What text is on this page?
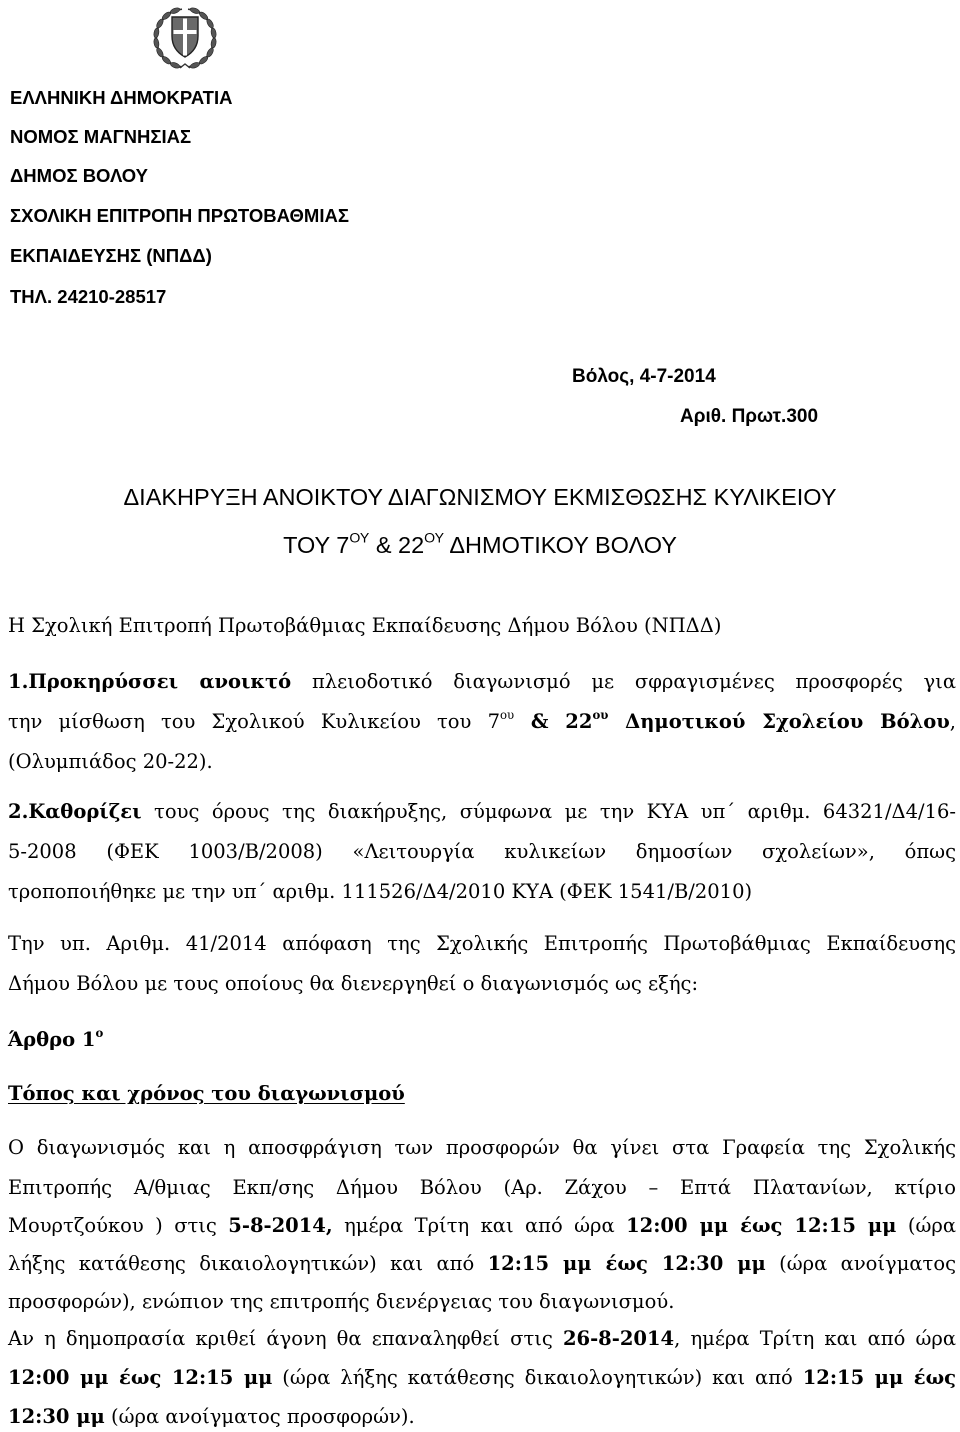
ΕΛΛΗΝΙΚΗ ΔΗΜΟΚΡΑΤΙΑ
ΝΟΜΟΣ ΜΑΓΝΗΣΙΑΣ
ΔΗΜΟΣ ΒΟΛΟΥ
ΣΧΟΛΙΚΗ ΕΠΙΤΡΟΠΗ ΠΡΩΤΟΒΑΘΜΙΑΣ
ΕΚΠΑΙΔΕΥΣΗΣ (ΝΠΔΔ)
ΤΗΛ. 24210-28517
Βόλος, 4-7-2014
Αριθ. Πρωτ.300
ΔΙΑΚΗΡΥΞΗ ΑΝΟΙΚΤΟΥ ΔΙΑΓΩΝΙΣΜΟΥ ΕΚΜΙΣΘΩΣΗΣ ΚΥΛΙΚΕΙΟΥ
ΤΟΥ $7^{O\Upsilon}$ & $22^{O\Upsilon}$ ΔΗΜΟΤΙΚΟΥ ΒΟΛΟΥ
Η Σχολική Επιτροπή Πρωτοβάθμιας Εκπαίδευσης Δήμου Βόλου (ΝΠΔΔ)
1.Προκηρύσσει ανοικτό πλειοδοτικό διαγωνισμό με σφραγισμένες προσφορές για
την μίσθωση του Σχολικού Κυλικείου του $7^{o\upsilon}$ & $22^{o\upsilon}$ Δημοτικού Σχολείου Βόλου,
(Ολυμπιάδος 20-22).
2.Καθορίζει τους όρους της διακήρυξης, σύμφωνα με την ΚΥΑ υπ΄ αριθμ. 64321/Δ4/16-
5-2008 (ΦΕΚ 1003/Β/2008) «Λειτουργία κυλικείων δημοσίων σχολείων», όπως
τροποποιήθηκε με την υπ΄ αριθμ. 111526/Δ4/2010 ΚΥΑ (ΦΕΚ 1541/Β/2010)
Την υπ. Αριθμ. 41/2014 απόφαση της Σχολικής Επιτροπής Πρωτοβάθμιας Εκπαίδευσης
Δήμου Βόλου με τους οποίους θα διενεργηθεί ο διαγωνισμός ως εξής:
Άρθρο $1^o$
Τόπος και χρόνος του διαγωνισμού
Ο διαγωνισμός και η αποσφράγιση των προσφορών θα γίνει στα Γραφεία της Σχολικής
Επιτροπής Α/θμιας Εκπ/σης Δήμου Βόλου (Αρ. Ζάχου – Επτά Πλατανίων, κτίριο
Μουρτζούκου ) στις 5-8-2014, ημέρα Τρίτη και από ώρα 12:00 μμ έως 12:15 μμ (ώρα
λήξης κατάθεσης δικαιολογητικών) και από 12:15 μμ έως 12:30 μμ (ώρα ανοίγματος
προσφορών), ενώπιον της επιτροπής διενέργειας του διαγωνισμού.
Αν η δημοπρασία κριθεί άγονη θα επαναληφθεί στις 26-8-2014, ημέρα Τρίτη και από ώρα
12:00 μμ έως 12:15 μμ (ώρα λήξης κατάθεσης δικαιολογητικών) και από 12:15 μμ έως
12:30 μμ (ώρα ανοίγματος προσφορών).
